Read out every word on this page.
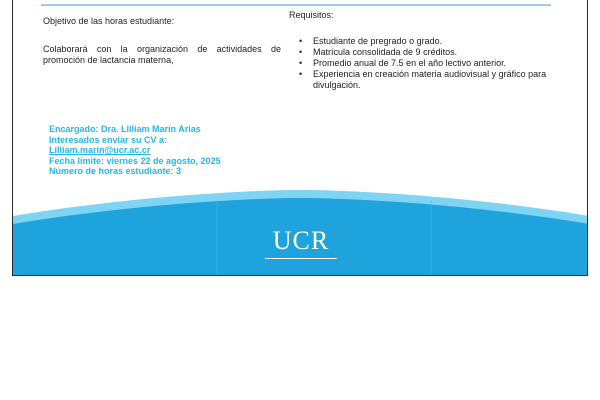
Objetivo de las horas estudiante:
Colaborará con la organización de actividades de promoción de lactancia materna,
Requisitos:
• Estudiante de pregrado o grado.
• Matrícula consolidada de 9 créditos.
• Promedio anual de 7.5 en el año lectivo anterior.
• Experiencia en creación materia audiovisual y gráfico para divulgación.
Encargado: Dra. Lilliam Marín Arias
Interesados enviar su CV a:
Lilliam.marin@ucr.ac.cr
Fecha límite: viernes 22 de agosto, 2025
Número de horas estudiante: 3
UCR
